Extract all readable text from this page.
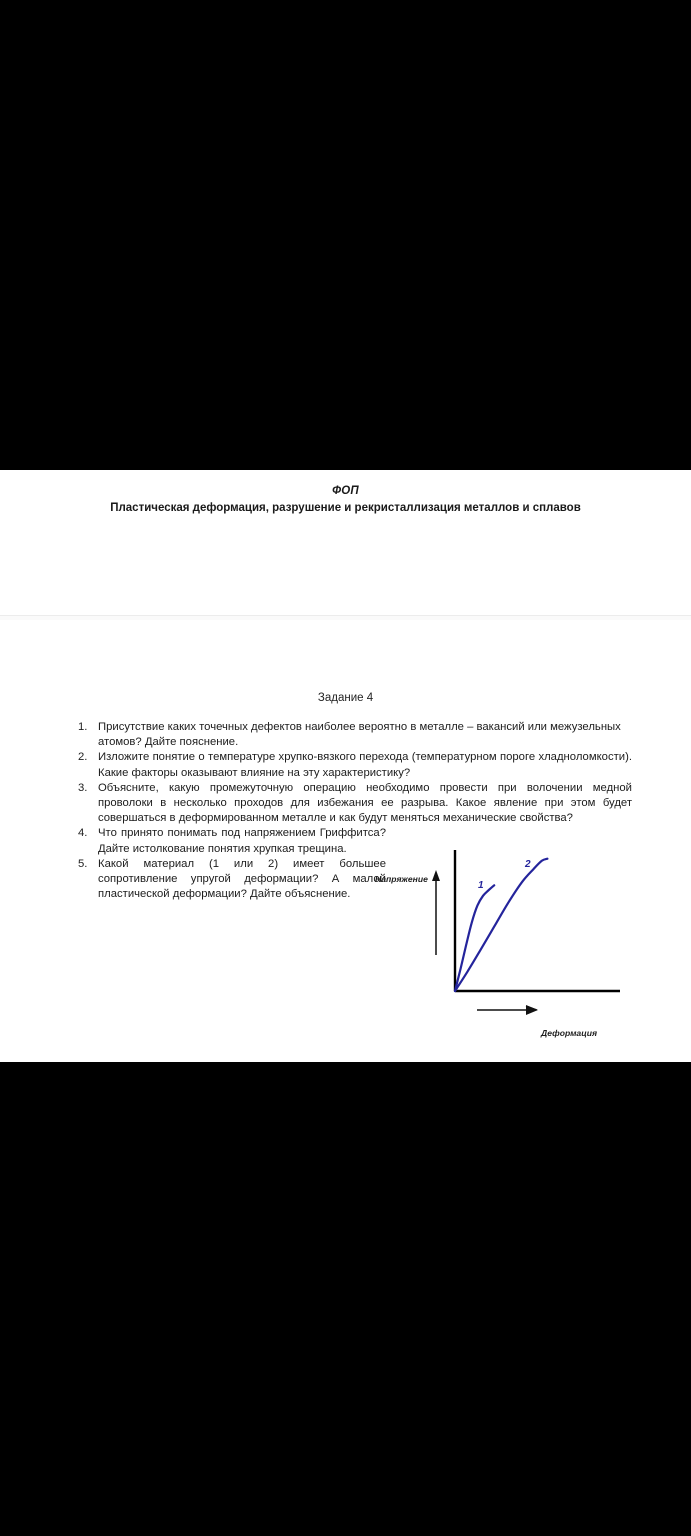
ФОП
Пластическая деформация, разрушение и рекристаллизация металлов и сплавов
Задание 4
1. Присутствие каких точечных дефектов наиболее вероятно в металле – вакансий или межузельных атомов? Дайте пояснение.
2. Изложите понятие о температуре хрупко-вязкого перехода (температурном пороге хладноломкости). Какие факторы оказывают влияние на эту характеристику?
3. Объясните, какую промежуточную операцию необходимо провести при волочении медной проволоки в несколько проходов для избежания ее разрыва. Какое явление при этом будет совершаться в деформированном металле и как будут меняться механические свойства?
4. Что принято понимать под напряжением Гриффитса? Дайте истолкование понятия хрупкая трещина.
5. Какой материал (1 или 2) имеет большее сопротивление упругой деформации? А малой пластической деформации? Дайте объяснение.
Напряжение
Деформация
1
2
